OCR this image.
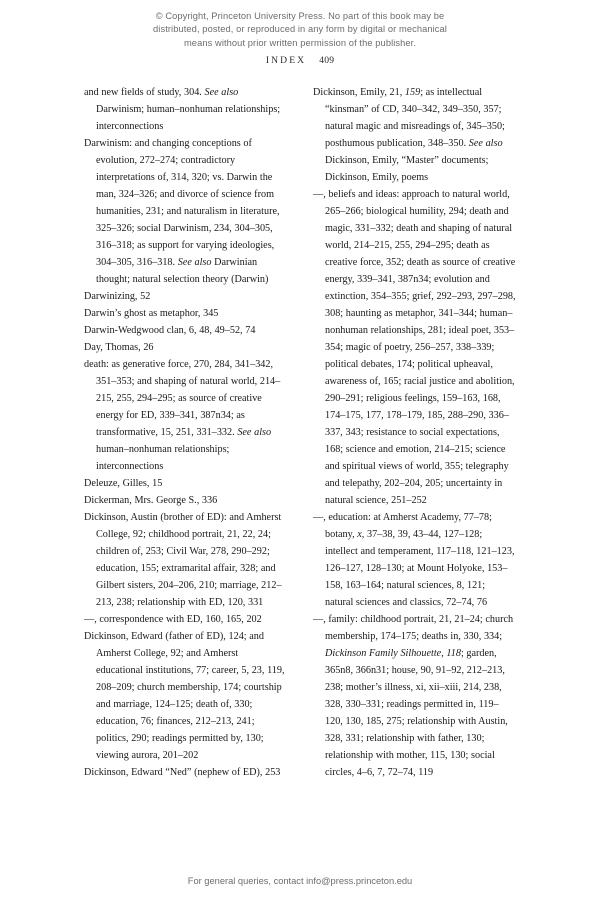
© Copyright, Princeton University Press. No part of this book may be
distributed, posted, or reproduced in any form by digital or mechanical
means without prior written permission of the publisher.
INDEX 409

and new fields of study, 304. See also Darwinism; human–nonhuman relationships; interconnections

Darwinism: and changing conceptions of evolution, 272–274; contradictory interpretations of, 314, 320; vs. Darwin the man, 324–326; and divorce of science from humanities, 231; and naturalism in literature, 325–326; social Darwinism, 234, 304–305, 316–318; as support for varying ideologies, 304–305, 316–318. See also Darwinian thought; natural selection theory (Darwin)

Darwinizing, 52

Darwin’s ghost as metaphor, 345

Darwin-Wedgwood clan, 6, 48, 49–52, 74

Day, Thomas, 26

death: as generative force, 270, 284, 341–342, 351–353; and shaping of natural world, 214–215, 255, 294–295; as source of creative energy for ED, 339–341, 387n34; as transformative, 15, 251, 331–332. See also human–nonhuman relationships; interconnections

Deleuze, Gilles, 15

Dickerman, Mrs. George S., 336

Dickinson, Austin (brother of ED): and Amherst College, 92; childhood portrait, 21, 22, 24; children of, 253; Civil War, 278, 290–292; education, 155; extramarital affair, 328; and Gilbert sisters, 204–206, 210; marriage, 212–213, 238; relationship with ED, 120, 331

—, correspondence with ED, 160, 165, 202

Dickinson, Edward (father of ED), 124; and Amherst College, 92; and Amherst educational institutions, 77; career, 5, 23, 119, 208–209; church membership, 174; courtship and marriage, 124–125; death of, 330; education, 76; finances, 212–213, 241; politics, 290; readings permitted by, 130; viewing aurora, 201–202

Dickinson, Edward “Ned” (nephew of ED), 253

Dickinson, Emily, 21, 159; as intellectual “kinsman” of CD, 340–342, 349–350, 357; natural magic and misreadings of, 345–350; posthumous publication, 348–350. See also Dickinson, Emily, “Master” documents; Dickinson, Emily, poems

—, beliefs and ideas: approach to natural world, 265–266; biological humility, 294; death and magic, 331–332; death and shaping of natural world, 214–215, 255, 294–295; death as creative force, 352; death as source of creative energy, 339–341, 387n34; evolution and extinction, 354–355; grief, 292–293, 297–298, 308; haunting as metaphor, 341–344; human–nonhuman relationships, 281; ideal poet, 353–354; magic of poetry, 256–257, 338–339; political debates, 174; political upheaval, awareness of, 165; racial justice and abolition, 290–291; religious feelings, 159–163, 168, 174–175, 177, 178–179, 185, 288–290, 336–337, 343; resistance to social expectations, 168; science and emotion, 214–215; science and spiritual views of world, 355; telegraphy and telepathy, 202–204, 205; uncertainty in natural science, 251–252

—, education: at Amherst Academy, 77–78; botany, x, 37–38, 39, 43–44, 127–128; intellect and temperament, 117–118, 121–123, 126–127, 128–130; at Mount Holyoke, 153–158, 163–164; natural sciences, 8, 121; natural sciences and classics, 72–74, 76

—, family: childhood portrait, 21, 21–24; church membership, 174–175; deaths in, 330, 334; Dickinson Family Silhouette, 118; garden, 365n8, 366n31; house, 90, 91–92, 212–213, 238; mother’s illness, xi, xii–xiii, 214, 238, 328, 330–331; readings permitted in, 119–120, 130, 185, 275; relationship with Austin, 328, 331; relationship with father, 130; relationship with mother, 115, 130; social circles, 4–6, 7, 72–74, 119

For general queries, contact info@press.princeton.edu
